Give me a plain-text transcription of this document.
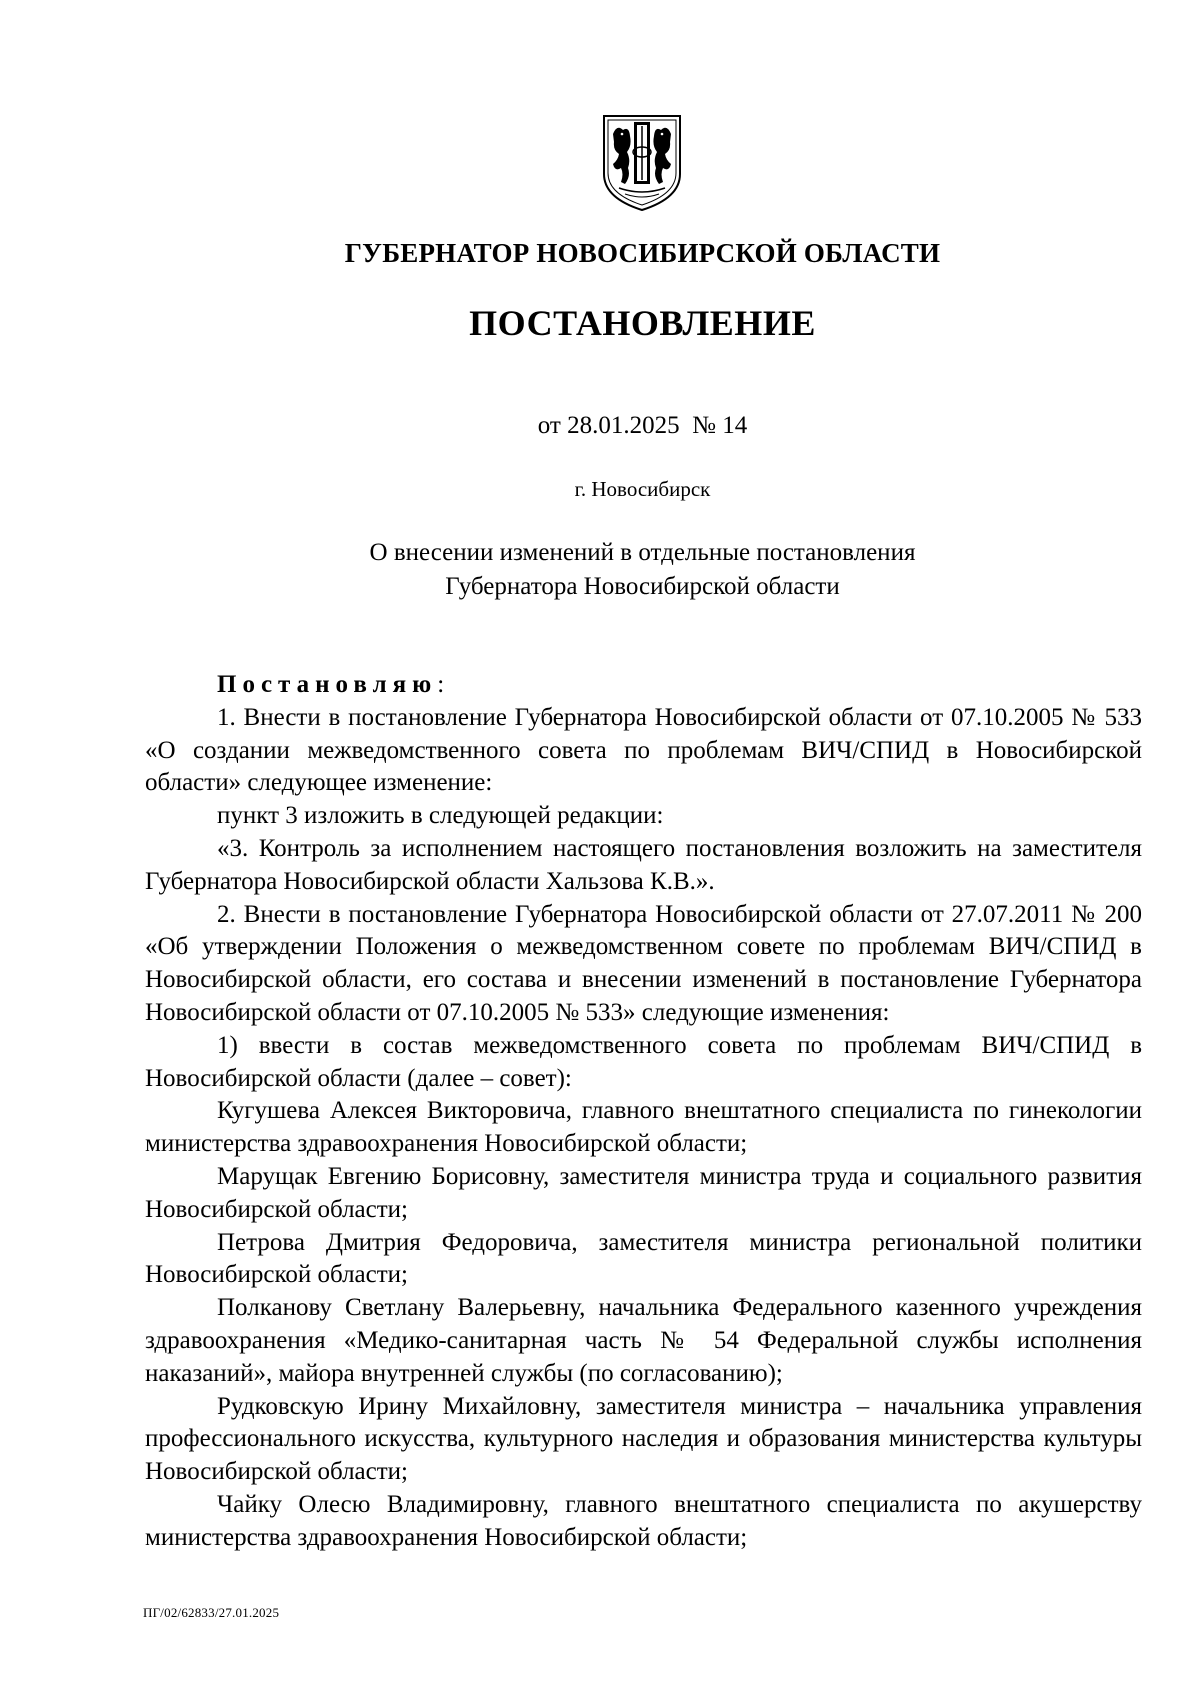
ГУБЕРНАТОР НОВОСИБИРСКОЙ ОБЛАСТИ
ПОСТАНОВЛЕНИЕ
от 28.01.2025  № 14
г. Новосибирск
О внесении изменений в отдельные постановления
Губернатора Новосибирской области
Постановляю:

1. Внести в постановление Губернатора Новосибирской области от 07.10.2005 № 533 «О создании межведомственного совета по проблемам ВИЧ/СПИД в Новосибирской области» следующее изменение:

пункт 3 изложить в следующей редакции:

«3. Контроль за исполнением настоящего постановления возложить на заместителя Губернатора Новосибирской области Хальзова К.В.».

2. Внести в постановление Губернатора Новосибирской области от 27.07.2011 № 200 «Об утверждении Положения о межведомственном совете по проблемам ВИЧ/СПИД в Новосибирской области, его состава и внесении изменений в постановление Губернатора Новосибирской области от 07.10.2005 № 533» следующие изменения:

1) ввести в состав межведомственного совета по проблемам ВИЧ/СПИД в Новосибирской области (далее – совет):

Кугушева Алексея Викторовича, главного внештатного специалиста по гинекологии министерства здравоохранения Новосибирской области;

Марущак Евгению Борисовну, заместителя министра труда и социального развития Новосибирской области;

Петрова Дмитрия Федоровича, заместителя министра региональной политики Новосибирской области;

Полканову Светлану Валерьевну, начальника Федерального казенного учреждения здравоохранения «Медико-санитарная часть № 54 Федеральной службы исполнения наказаний», майора внутренней службы (по согласованию);

Рудковскую Ирину Михайловну, заместителя министра – начальника управления профессионального искусства, культурного наследия и образования министерства культуры Новосибирской области;

Чайку Олесю Владимировну, главного внештатного специалиста по акушерству министерства здравоохранения Новосибирской области;

ПГ/02/62833/27.01.2025
